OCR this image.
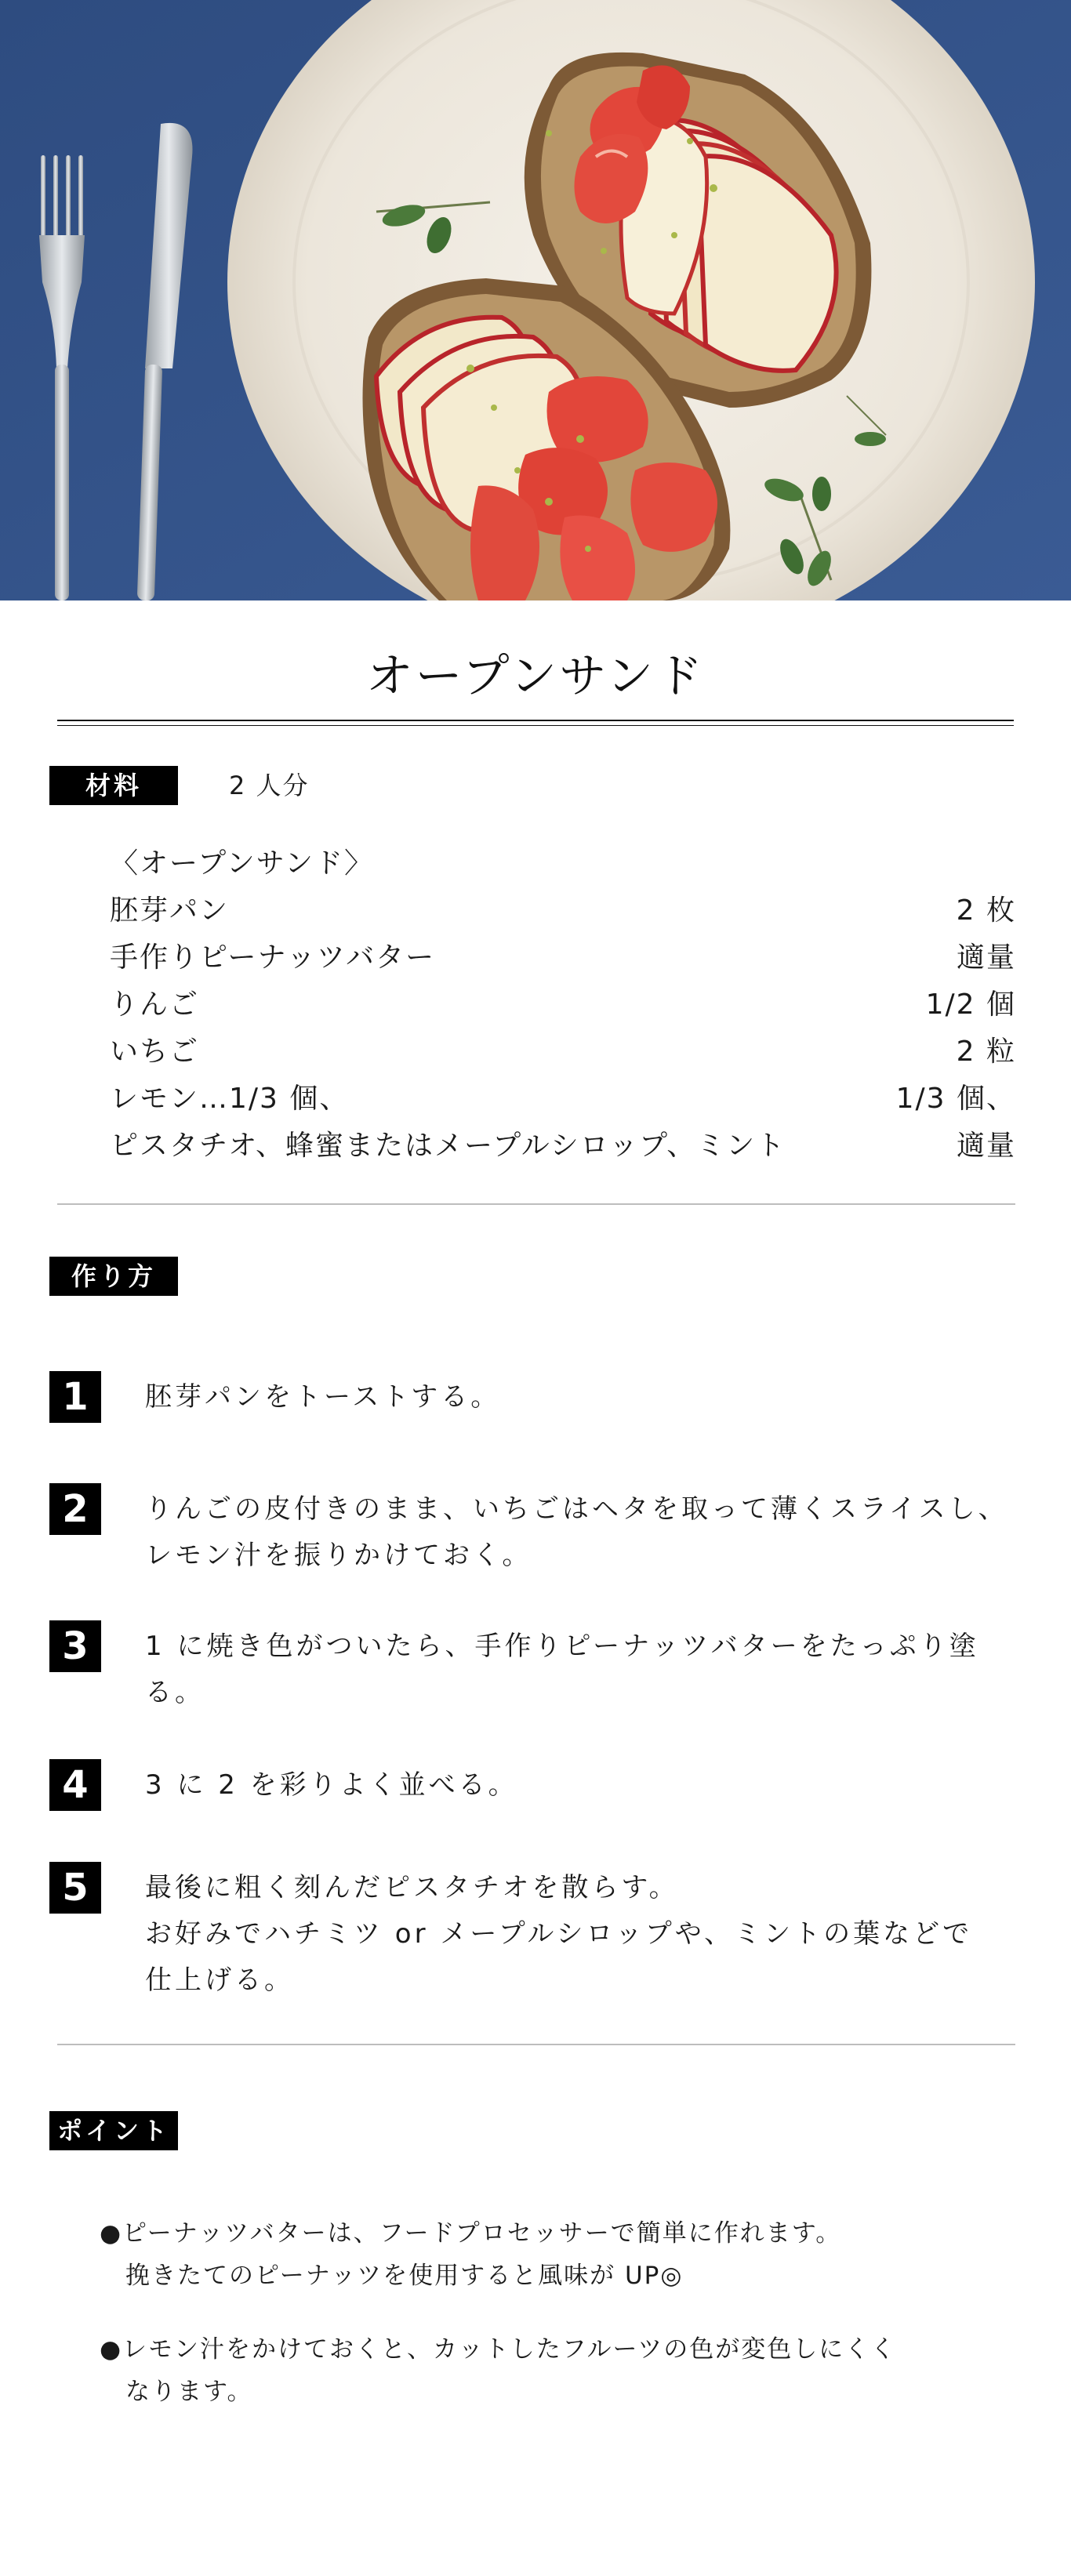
オープンサンド
材料	2 人分
〈オープンサンド〉
胚芽パン	2 枚
手作りピーナッツバター	適量
りんご	1/2 個
いちご	2 粒
レモン…1/3 個、	1/3 個、
ピスタチオ、蜂蜜またはメープルシロップ、ミント	適量
作り方
1	胚芽パンをトーストする。
2	りんごの皮付きのまま、いちごはヘタを取って薄くスライスし、
レモン汁を振りかけておく。
3	1 に焼き色がついたら、手作りピーナッツバターをたっぷり塗
る。
4	3 に 2 を彩りよく並べる。
5	最後に粗く刻んだピスタチオを散らす。
お好みでハチミツ or メープルシロップや、ミントの葉などで
仕上げる。
ポイント
●ピーナッツバターは、フードプロセッサーで簡単に作れます。
挽きたてのピーナッツを使用すると風味が UP◎
●レモン汁をかけておくと、カットしたフルーツの色が変色しにくく
なります。
